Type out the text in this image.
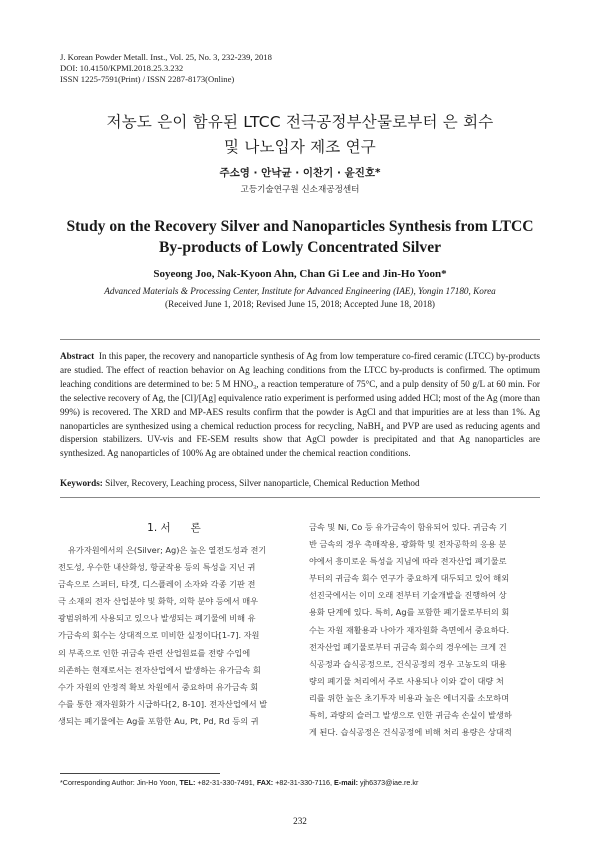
J. Korean Powder Metall. Inst., Vol. 25, No. 3, 232-239, 2018
DOI: 10.4150/KPMI.2018.25.3.232
ISSN 1225-7591(Print) / ISSN 2287-8173(Online)
저농도 은이 함유된 LTCC 전극공정부산물로부터 은 회수
및 나노입자 제조 연구
주소영 · 안낙균 · 이찬기 · 윤진호*
고등기술연구원 신소재공정센터
Study on the Recovery Silver and Nanoparticles Synthesis from LTCC
By-products of Lowly Concentrated Silver
Soyeong Joo, Nak-Kyoon Ahn, Chan Gi Lee and Jin-Ho Yoon*
Advanced Materials & Processing Center, Institute for Advanced Engineering (IAE), Yongin 17180, Korea
(Received June 1, 2018; Revised June 15, 2018; Accepted June 18, 2018)
Abstract In this paper, the recovery and nanoparticle synthesis of Ag from low temperature co-fired ceramic (LTCC) by-products are studied. The effect of reaction behavior on Ag leaching conditions from the LTCC by-products is confirmed. The optimum leaching conditions are determined to be: 5 M HNO₃, a reaction temperature of 75°C, and a pulp density of 50 g/L at 60 min. For the selective recovery of Ag, the [Cl]/[Ag] equivalence ratio experiment is performed using added HCl; most of the Ag (more than 99%) is recovered. The XRD and MP-AES results confirm that the powder is AgCl and that impurities are at less than 1%. Ag nanoparticles are synthesized using a chemical reduction process for recycling, NaBH₄ and PVP are used as reducing agents and dispersion stabilizers. UV-vis and FE-SEM results show that AgCl powder is precipitated and that Ag nanoparticles are synthesized. Ag nanoparticles of 100% Ag are obtained under the chemical reaction conditions.
Keywords: Silver, Recovery, Leaching process, Silver nanoparticle, Chemical Reduction Method
1. 서      론
유가자원에서의 은(Silver; Ag)은 높은 열전도성과 전기
전도성, 우수한 내산화성, 항균작용 등의 특성을 지닌 귀
금속으로 스퍼터, 타겟, 디스플레이 소자와 각종 기판 전
극 소재의 전자 산업분야 및 화학, 의학 분야 등에서 매우
광범위하게 사용되고 있으나 발생되는 폐기물에 비해 유
가금속의 회수는 상대적으로 미비한 실정이다[1-7]. 자원
의 부족으로 인한 귀금속 관련 산업원료를 전량 수입에
의존하는 현재로서는 전자산업에서 발생하는 유가금속 회
수가 자원의 안정적 확보 차원에서 중요하며 유가금속 회
수를 통한 재자원화가 시급하다[2, 8-10]. 전자산업에서 발
생되는 폐기물에는 Ag를 포함한 Au, Pt, Pd, Rd 등의 귀
금속 및 Ni, Co 등 유가금속이 함유되어 있다. 귀금속 기
반 금속의 경우 촉매작용, 광화학 및 전자공학의 응용 분
야에서 흥미로운 특성을 지님에 따라 전자산업 폐기물로
부터의 귀금속 회수 연구가 중요하게 대두되고 있어 해외
선진국에서는 이미 오래 전부터 기술개발을 진행하여 상
용화 단계에 있다. 특히, Ag를 포함한 폐기물로부터의 회
수는 자원 재활용과 나아가 재자원화 측면에서 중요하다.
전자산업 폐기물로부터 귀금속 회수의 경우에는 크게 건
식공정과 습식공정으로, 건식공정의 경우 고농도의 대용
량의 폐기물 처리에서 주로 사용되나 이와 같이 대량 처
리를 위한 높은 초기투자 비용과 높은 에너지를 소모하며
특히, 과량의 슬러그 발생으로 인한 귀금속 손실이 발생하
게 된다. 습식공정은 건식공정에 비해 처리 용량은 상대적
*Corresponding Author: Jin-Ho Yoon, TEL: +82-31-330-7491, FAX: +82-31-330-7116, E-mail: yjh6373@iae.re.kr
232
